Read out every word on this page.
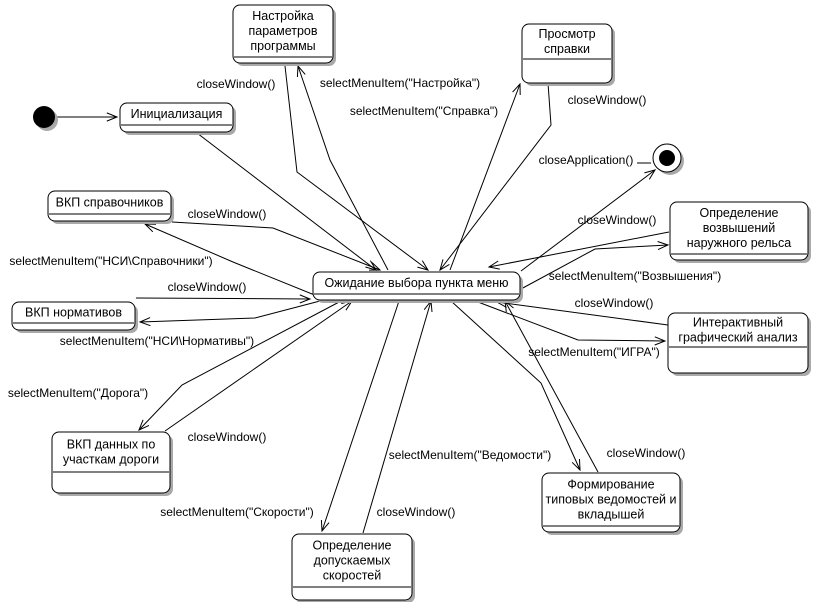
Инициализация
Настройка
параметров
программы
Просмотр
справки
ВКП справочников
Ожидание выбора пункта меню
Определение
возвышений
наружного рельса
ВКП нормативов
Интерактивный
графический анализ
ВКП данных по
участкам дороги
Определение
допускаемых
скоростей
Формирование
типовых ведомостей и
вкладышей
closeWindow()	selectMenuItem("Настройка")
selectMenuItem("Справка")
closeWindow()
closeApplication()
closeWindow()
selectMenuItem("Возвышения")
closeWindow()
selectMenuItem("НСИ\Справочники")
closeWindow()
selectMenuItem("НСИ\Нормативы")
selectMenuItem("Дорога")
closeWindow()
selectMenuItem("Скорости")	closeWindow()
selectMenuItem("Ведомости")	closeWindow()
closeWindow()
selectMenuItem("ИГРА")
